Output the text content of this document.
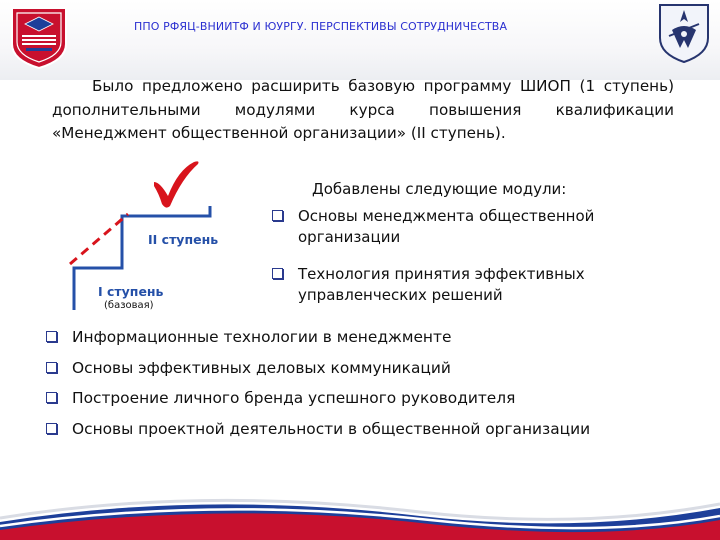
ППО РФЯЦ-ВНИИТФ И ЮУРГУ. ПЕРСПЕКТИВЫ СОТРУДНИЧЕСТВА

Было предложено расширить базовую программу ШИОП (1 ступень) дополнительными модулями курса повышения квалификации «Менеджмент общественной организации» (II ступень).

II ступень
I ступень
(базовая)
Добавлены следующие модули:
Основы менеджмента общественной организации
Технология принятия эффективных управленческих решений
Информационные технологии в менеджменте
Основы эффективных деловых коммуникаций
Построение личного бренда успешного руководителя
Основы проектной деятельности в общественной организации
